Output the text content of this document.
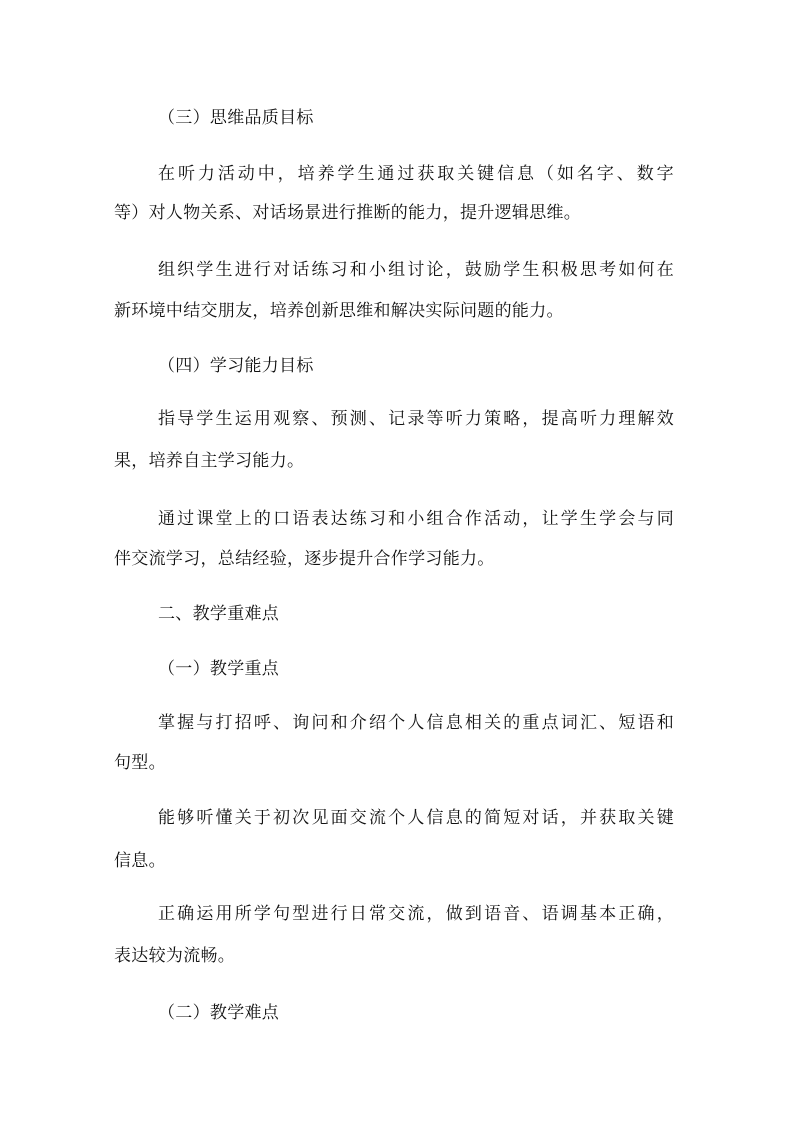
（三）思维品质目标
在听力活动中，培养学生通过获取关键信息（如名字、数字
等）对人物关系、对话场景进行推断的能力，提升逻辑思维。
组织学生进行对话练习和小组讨论，鼓励学生积极思考如何在
新环境中结交朋友，培养创新思维和解决实际问题的能力。
（四）学习能力目标
指导学生运用观察、预测、记录等听力策略，提高听力理解效
果，培养自主学习能力。
通过课堂上的口语表达练习和小组合作活动，让学生学会与同
伴交流学习，总结经验，逐步提升合作学习能力。
二、教学重难点
（一）教学重点
掌握与打招呼、询问和介绍个人信息相关的重点词汇、短语和
句型。
能够听懂关于初次见面交流个人信息的简短对话，并获取关键
信息。
正确运用所学句型进行日常交流，做到语音、语调基本正确，
表达较为流畅。
（二）教学难点
